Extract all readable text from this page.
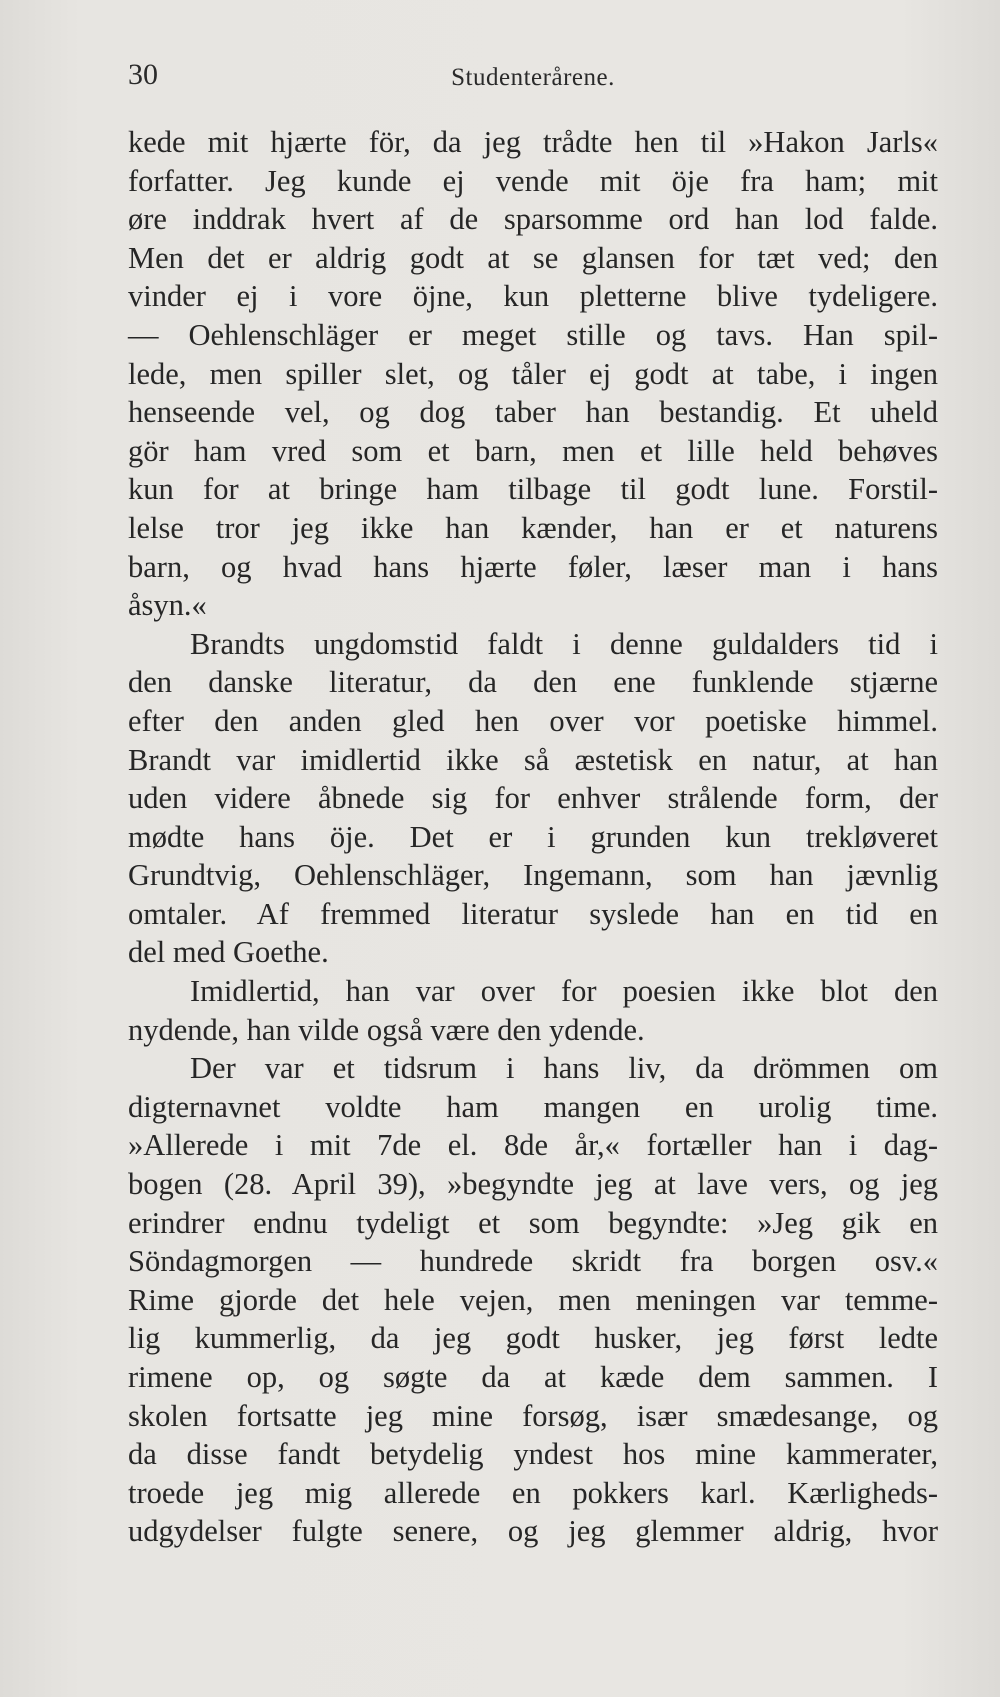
30	Studenterårene.
kede mit hjærte för, da jeg trådte hen til »Hakon Jarls«
forfatter. Jeg kunde ej vende mit öje fra ham; mit
øre inddrak hvert af de sparsomme ord han lod falde.
Men det er aldrig godt at se glansen for tæt ved; den
vinder ej i vore öjne, kun pletterne blive tydeligere.
— Oehlenschläger er meget stille og tavs. Han spil-
lede, men spiller slet, og tåler ej godt at tabe, i ingen
henseende vel, og dog taber han bestandig. Et uheld
gör ham vred som et barn, men et lille held behøves
kun for at bringe ham tilbage til godt lune. Forstil-
lelse tror jeg ikke han kænder, han er et naturens
barn, og hvad hans hjærte føler, læser man i hans
åsyn.«
Brandts ungdomstid faldt i denne guldalders tid i
den danske literatur, da den ene funklende stjærne
efter den anden gled hen over vor poetiske himmel.
Brandt var imidlertid ikke så æstetisk en natur, at han
uden videre åbnede sig for enhver strålende form, der
mødte hans öje. Det er i grunden kun trekløveret
Grundtvig, Oehlenschläger, Ingemann, som han jævnlig
omtaler. Af fremmed literatur syslede han en tid en
del med Goethe.
Imidlertid, han var over for poesien ikke blot den
nydende, han vilde også være den ydende.
Der var et tidsrum i hans liv, da drömmen om
digternavnet voldte ham mangen en urolig time.
»Allerede i mit 7de el. 8de år,« fortæller han i dag-
bogen (28. April 39), »begyndte jeg at lave vers, og jeg
erindrer endnu tydeligt et som begyndte: »Jeg gik en
Söndagmorgen — hundrede skridt fra borgen osv.«
Rime gjorde det hele vejen, men meningen var temme-
lig kummerlig, da jeg godt husker, jeg først ledte
rimene op, og søgte da at kæde dem sammen. I
skolen fortsatte jeg mine forsøg, især smædesange, og
da disse fandt betydelig yndest hos mine kammerater,
troede jeg mig allerede en pokkers karl. Kærligheds-
udgydelser fulgte senere, og jeg glemmer aldrig, hvor
